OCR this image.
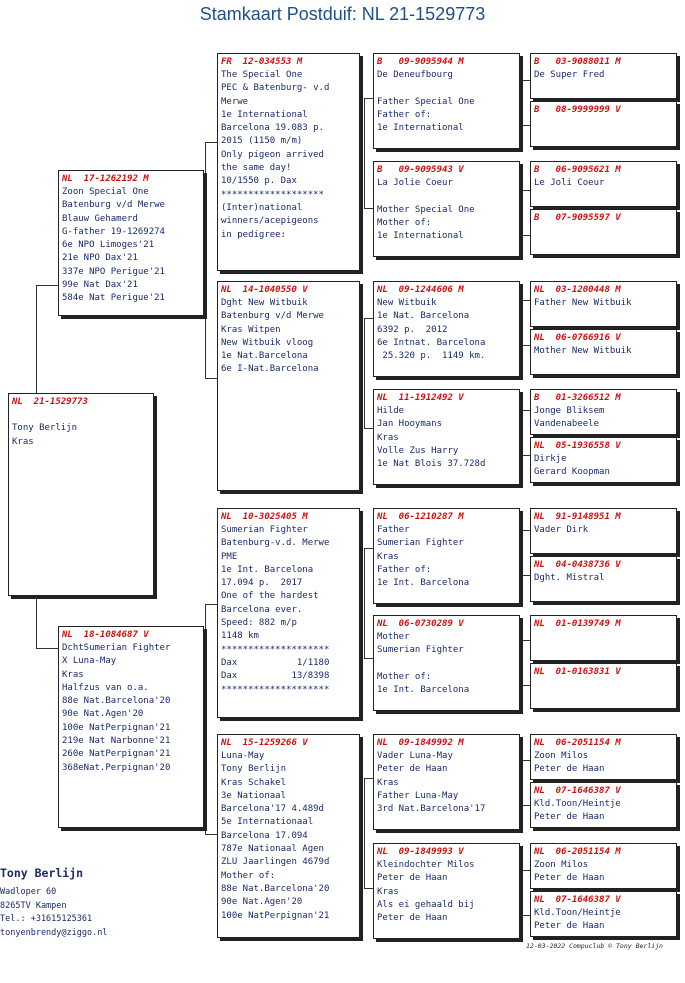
Stamkaart Postduif: NL 21-1529773
NL  21-1529773

Tony Berlijn
Kras
NL  17-1262192 M
Zoon Special One
Batenburg v/d Merwe
Blauw Gehamerd
G-father 19-1269274
6e NPO Limoges'21
21e NPO Dax'21
337e NPO Perigue'21
99e Nat Dax'21
584e Nat Perigue'21
NL  18-1084687 V
DchtSumerian Fighter
X Luna-May
Kras
Halfzus van o.a.
88e Nat.Barcelona'20
90e Nat.Agen'20
100e NatPerpignan'21
219e Nat Narbonne'21
260e NatPerpignan'21
368eNat.Perpignan'20
FR  12-034553 M
The Special One
PEC & Batenburg- v.d
Merwe
1e International
Barcelona 19.083 p.
2015 (1150 m/m)
Only pigeon arrived
the same day!
10/1550 p. Dax
*******************
(Inter)national
winners/acepigeons
in pedigree:
NL  14-1040550 V
Dght New Witbuik
Batenburg v/d Merwe
Kras Witpen
New Witbuik vloog
1e Nat.Barcelona
6e I-Nat.Barcelona
NL  10-3025405 M
Sumerian Fighter
Batenburg-v.d. Merwe
PME
1e Int. Barcelona
17.094 p.  2017
One of the hardest
Barcelona ever.
Speed: 882 m/p
1148 km
********************
Dax           1/1180
Dax          13/8398
********************
NL  15-1259266 V
Luna-May
Tony Berlijn
Kras Schakel
3e Nationaal
Barcelona'17 4.489d
5e Internationaal
Barcelona 17.094
787e Nationaal Agen
ZLU Jaarlingen 4679d
Mother of:
88e Nat.Barcelona'20
90e Nat.Agen'20
100e NatPerpignan'21
B   09-9095944 M
De Deneufbourg

Father Special One
Father of:
1e International
B   09-9095943 V
La Jolie Coeur

Mother Special One
Mother of:
1e International
NL  09-1244606 M
New Witbuik
1e Nat. Barcelona
6392 p.  2012
6e Intnat. Barcelona
25.320 p.  1149 km.
NL  11-1912492 V
Hilde
Jan Hooymans
Kras
Volle Zus Harry
1e Nat Blois 37.728d
NL  06-1210287 M
Father
Sumerian Fighter
Kras
Father of:
1e Int. Barcelona
NL  06-0730289 V
Mother
Sumerian Fighter

Mother of:
1e Int. Barcelona
NL  09-1849992 M
Vader Luna-May
Peter de Haan
Kras
Father Luna-May
3rd Nat.Barcelona'17
NL  09-1849993 V
Kleindochter Milos
Peter de Haan
Kras
Als ei gehaald bij
Peter de Haan
B   03-9088011 M
De Super Fred
B   08-9999999 V
B   06-9095621 M
Le Joli Coeur
B   07-9095597 V
NL  03-1200448 M
Father New Witbuik
NL  06-0766916 V
Mother New Witbuik
B   01-3266512 M
Jonge Bliksem
Vandenabeele
NL  05-1936558 V
Dirkje
Gerard Koopman
NL  91-9148951 M
Vader Dirk
NL  04-0438736 V
Dght. Mistral
NL  01-0139749 M
NL  01-0163831 V
NL  06-2051154 M
Zoon Milos
Peter de Haan
NL  07-1646387 V
Kld.Toon/Heintje
Peter de Haan
NL  06-2051154 M
Zoon Milos
Peter de Haan
NL  07-1646387 V
Kld.Toon/Heintje
Peter de Haan
Tony Berlijn
Wadloper 60
8265TV Kampen
Tel.: +31615125361
tonyenbrendy@ziggo.nl
12-03-2022 Compuclub © Tony Berlijn
